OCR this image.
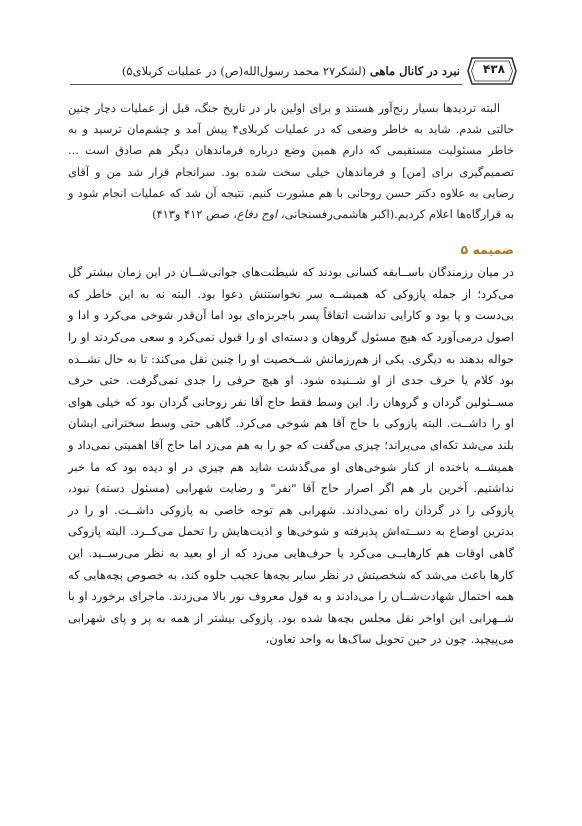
۴۳۸
نبرد در کانال ماهی (لشکر۲۷ محمد رسول‌الله(ص) در عملیات کربلای۵)

البته تردیدها بسیار رنج‌آور هستند و برای اولین بار در تاریخ جنگ، قبل از عملیات دچار چنین حالتی شدم. شاید به خاطر وضعی که در عملیات کربلای۴ پیش آمد و چشم‌مان ترسید و به خاطر مسئولیت مستقیمی که دارم همین وضع درباره فرماندهان دیگر هم صادق است ... تصمیم‌گیری برای [من] و فرماندهان خیلی سخت شده بود. سرانجام قرار شد من و آقای رضایی به علاوه دکتر حسن روحانی با هم مشورت کنیم. نتیجه آن شد که عملیات انجام شود و به قرارگاه‌ها اعلام کردیم.(اکبر هاشمی‌رفسنجانی، اوج دفاع، صص ۴۱۲ و۴۱۳)

ضمیمه ۵

در میان رزمندگان باســابقه کسانی بودند که شیطنت‌های جوانی‌شــان در این زمان بیشتر گل می‌کرد؛ از جمله پازوکی که همیشــه سر نخواستنش دعوا بود. البته نه به این خاطر که بی‌دست و پا بود و کارایی نداشت اتفاقاً پسر باجربزه‌ای بود اما آن‌قدر شوخی می‌کرد و ادا و اصول درمی‌آورد که هیچ مسئول گروهان و دسته‌ای او را قبول نمی‌کرد و سعی می‌کردند او را حواله بدهند به دیگری. یکی از هم‌رزمانش شــخصیت او را چنین نقل می‌کند: تا به حال نشــده بود کلام یا حرف جدی از او شــنیده شود. او هیچ حرفی را جدی نمی‌گرفت. حتی حرف مســئولین گردان و گروهان را. این وسط فقط حاج آقا نفر روحانی گردان بود که خیلی هوای او را داشــت. البته پازوکی با حاج آقا هم شوخی می‌کرد. گاهی حتی وسط سخنرانی ایشان بلند می‌شد تکه‌ای می‌پراند؛ چیزی می‌گفت که جو را به هم می‌زد اما حاج آقا اهمیتی نمی‌داد و همیشــه باخنده از کنار شوخی‌های او می‌گذشت شاید هم چیزی در او دیده بود که ما خبر نداشتیم. آخرین بار هم اگر اصرار حاج آقا "نفر" و رضایت شهرابی (مسئول دسته) نبود، پازوکی را در گردان راه نمی‌دادند. شهرابی هم توجه خاصی به پازوکی داشــت. او را در بدترین اوضاع به دســته‌اش پذیرفته و شوخی‌ها و اذیت‌هایش را تحمل می‌کــرد. البته پازوکی گاهی اوقات هم کارهایــی می‌کرد یا حرف‌هایی می‌زد که از او بعید به نظر می‌رســید. این کارها باعث می‌شد که شخصیتش در نظر سایر بچه‌ها عجیب جلوه کند، به خصوص بچه‌هایی که همه احتمال شهادت‌شــان را می‌دادند و به قول معروف نور بالا می‌زدند. ماجرای برخورد او با شــهرابی این اواخر نقل مجلس بچه‌ها شده بود. پازوکی بیشتر از همه به پر و پای شهرابی می‌پیچید. چون در حین تحویل ساک‌ها به واحد تعاون،
